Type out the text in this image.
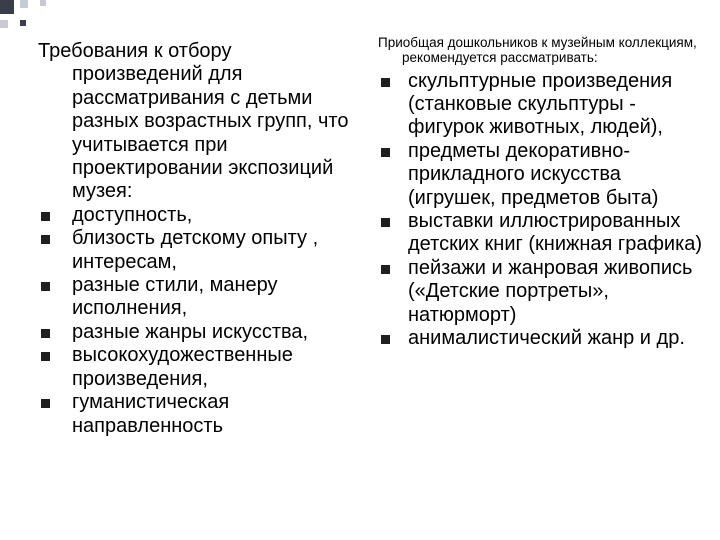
Требования к отбору произведений для рассматривания с детьми разных возрастных групп, что учитывается при проектировании экспозиций музея:
доступность,
близость детскому опыту , интересам,
разные стили, манеру исполнения,
разные жанры искусства,
высокохудожественные произведения,
гуманистическая направленность
Приобщая дошкольников к музейным коллекциям, рекомендуется рассматривать:
скульптурные произведения (станковые скульптуры - фигурок животных, людей),
предметы декоративно-прикладного искусства (игрушек, предметов быта)
выставки иллюстрированных детских книг (книжная графика)
пейзажи и жанровая живопись («Детские портреты», натюрморт)
анималистический жанр и др.
